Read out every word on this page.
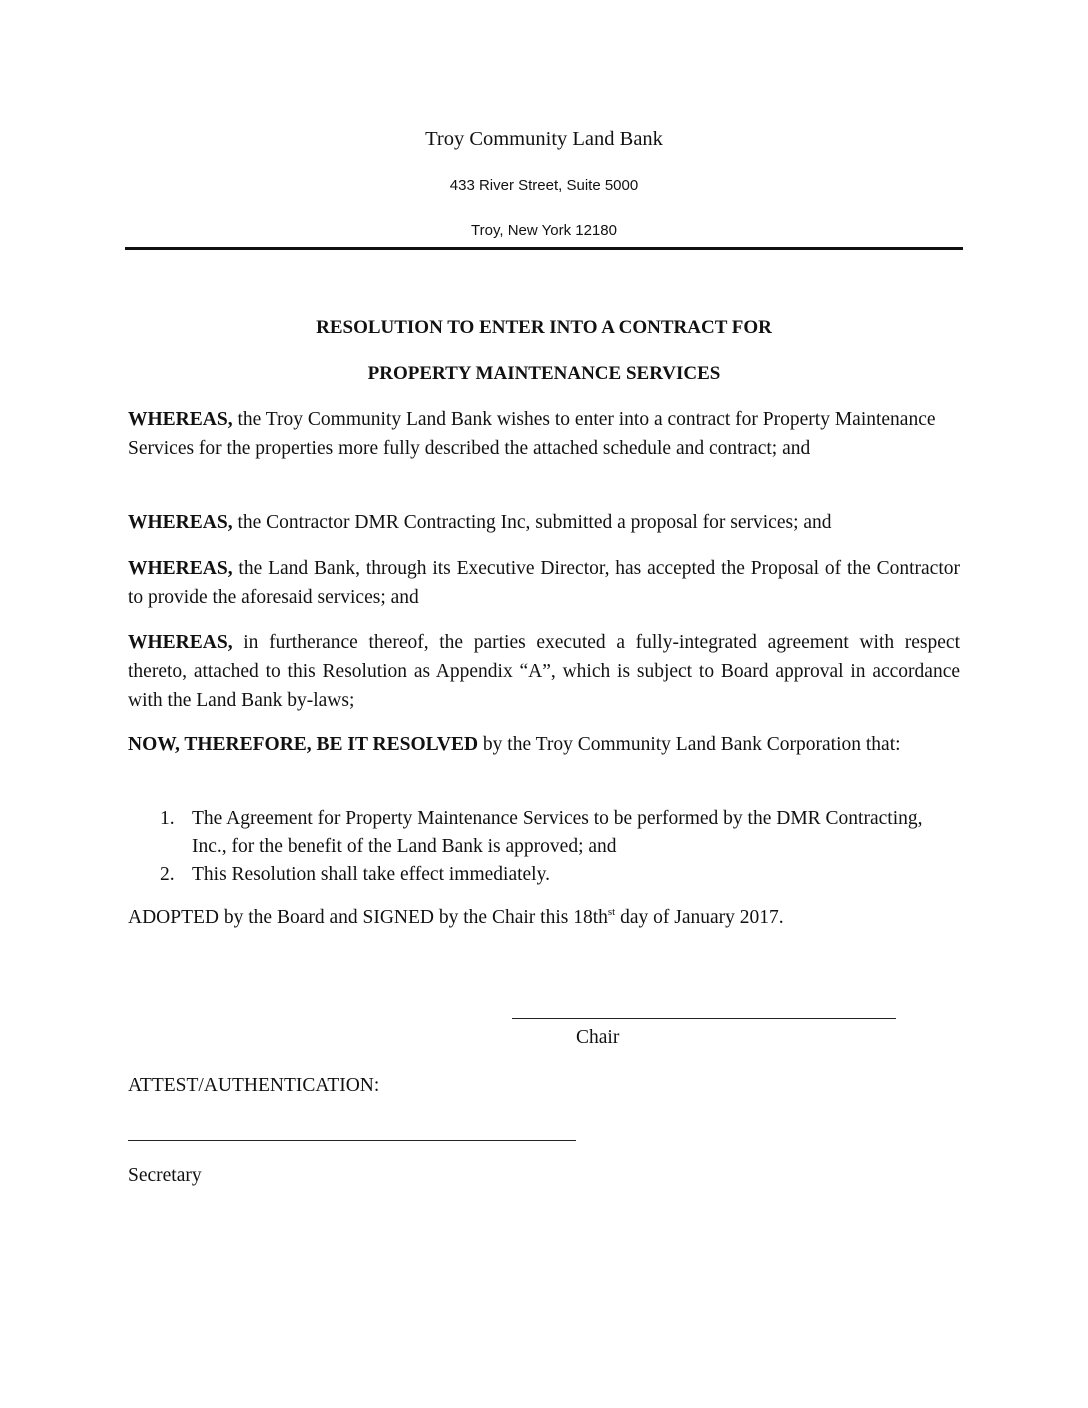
Troy Community Land Bank
433 River Street, Suite 5000
Troy, New York 12180
RESOLUTION TO ENTER INTO A CONTRACT FOR
PROPERTY MAINTENANCE SERVICES
WHEREAS, the Troy Community Land Bank wishes to enter into a contract for Property Maintenance Services for the properties more fully described the attached schedule and contract; and
WHEREAS, the Contractor DMR Contracting Inc, submitted a proposal for services; and
WHEREAS, the Land Bank, through its Executive Director, has accepted the Proposal of the Contractor to provide the aforesaid services; and
WHEREAS, in furtherance thereof, the parties executed a fully-integrated agreement with respect thereto, attached to this Resolution as Appendix “A”, which is subject to Board approval in accordance with the Land Bank by-laws;
NOW, THEREFORE, BE IT RESOLVED by the Troy Community Land Bank Corporation that:
1. The Agreement for Property Maintenance Services to be performed by the DMR Contracting, Inc., for the benefit of the Land Bank is approved; and
2. This Resolution shall take effect immediately.
ADOPTED by the Board and SIGNED by the Chair this $18th^{st}$ day of January 2017.
Chair
ATTEST/AUTHENTICATION:
Secretary
